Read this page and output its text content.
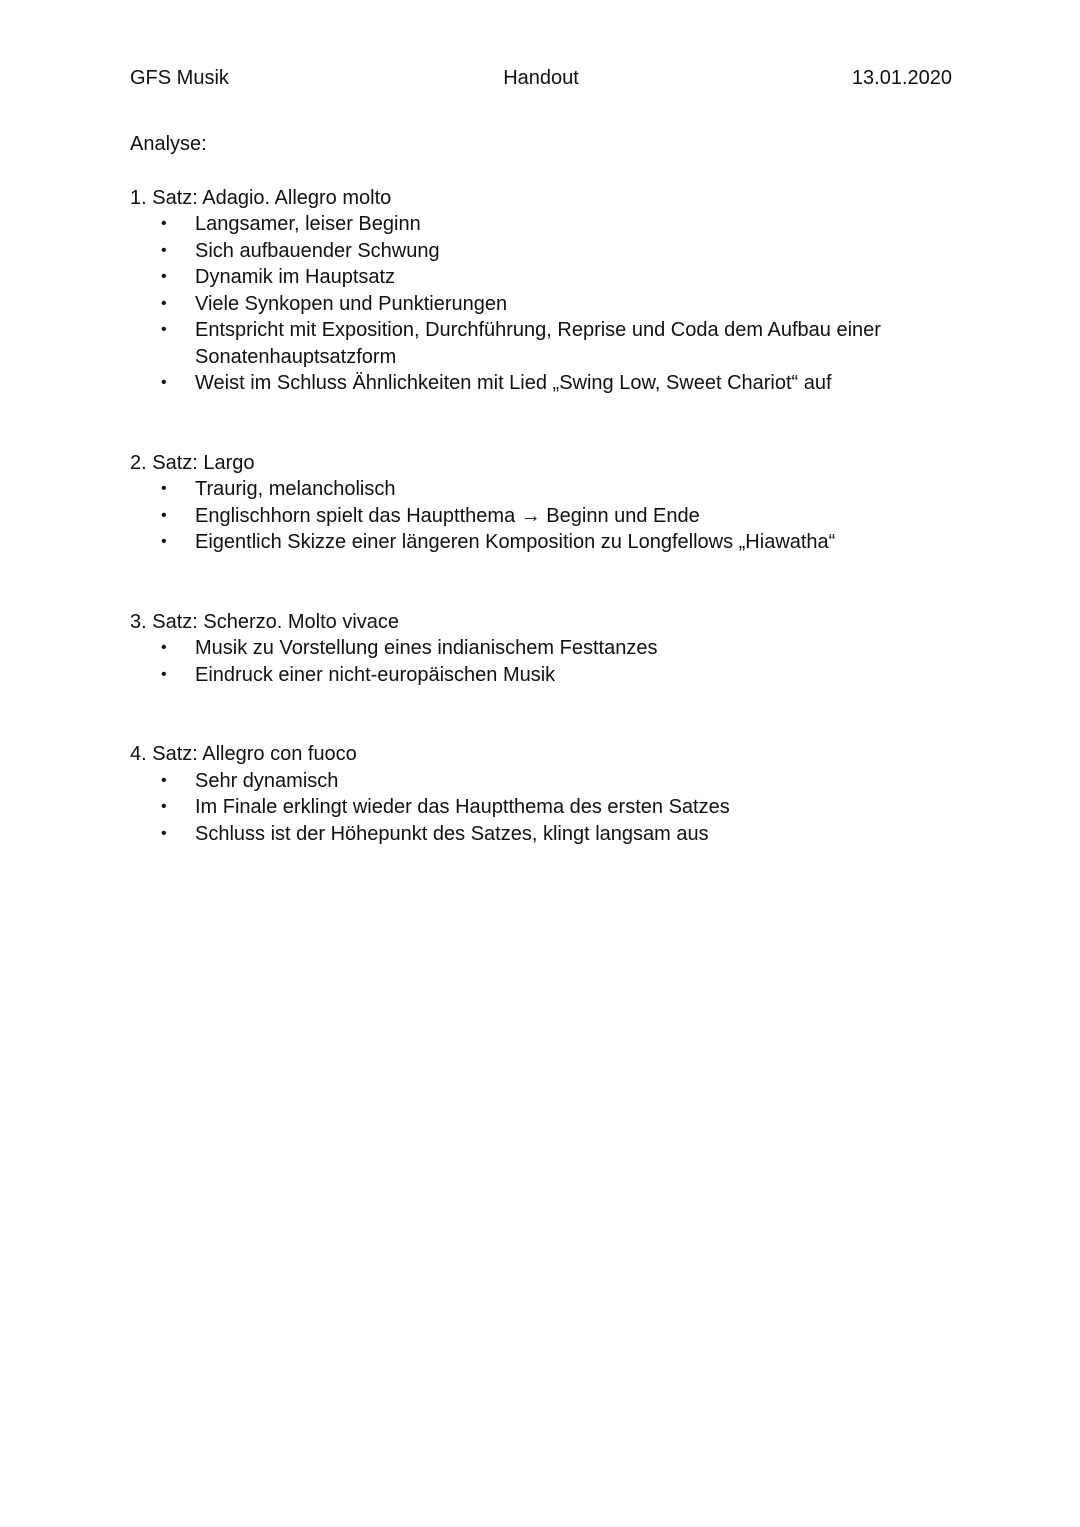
GFS Musik	Handout	13.01.2020

Analyse:

1. Satz: Adagio. Allegro molto

• Langsamer, leiser Beginn
• Sich aufbauender Schwung
• Dynamik im Hauptsatz
• Viele Synkopen und Punktierungen
• Entspricht mit Exposition, Durchführung, Reprise und Coda dem Aufbau einer Sonatenhauptsatzform
• Weist im Schluss Ähnlichkeiten mit Lied „Swing Low, Sweet Chariot“ auf

2. Satz: Largo

• Traurig, melancholisch
• Englischhorn spielt das Hauptthema → Beginn und Ende
• Eigentlich Skizze einer längeren Komposition zu Longfellows „Hiawatha“

3. Satz: Scherzo. Molto vivace

• Musik zu Vorstellung eines indianischem Festtanzes
• Eindruck einer nicht-europäischen Musik

4. Satz: Allegro con fuoco

• Sehr dynamisch
• Im Finale erklingt wieder das Hauptthema des ersten Satzes
• Schluss ist der Höhepunkt des Satzes, klingt langsam aus
